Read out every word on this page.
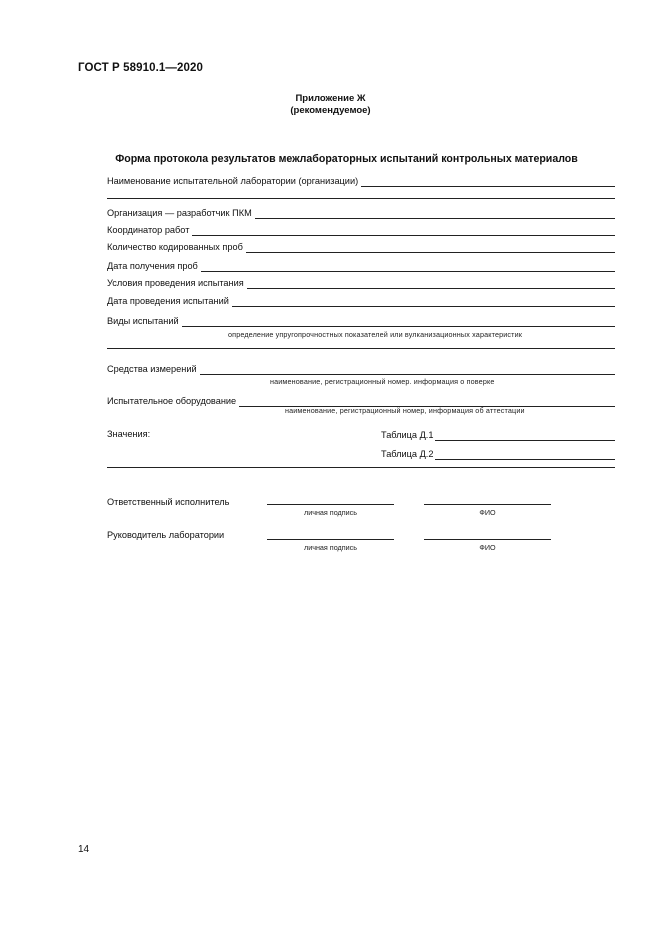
ГОСТ Р 58910.1—2020
Приложение Ж
(рекомендуемое)
Форма протокола результатов межлабораторных испытаний контрольных материалов
Наименование испытательной лаборатории (организации)
Организация — разработчик ПКМ
Координатор работ
Количество кодированных проб
Дата получения проб
Условия проведения испытания
Дата проведения испытаний
Виды испытаний
определение упругопрочностных показателей или вулканизационных характеристик
Средства измерений
наименование, регистрационный номер. информация о поверке
Испытательное оборудование
наименование, регистрационный номер, информация об аттестации
Значения:	Таблица Д.1
Таблица Д.2
Ответственный исполнитель
личная подпись	ФИО
Руководитель лаборатории
личная подпись	ФИО
14
